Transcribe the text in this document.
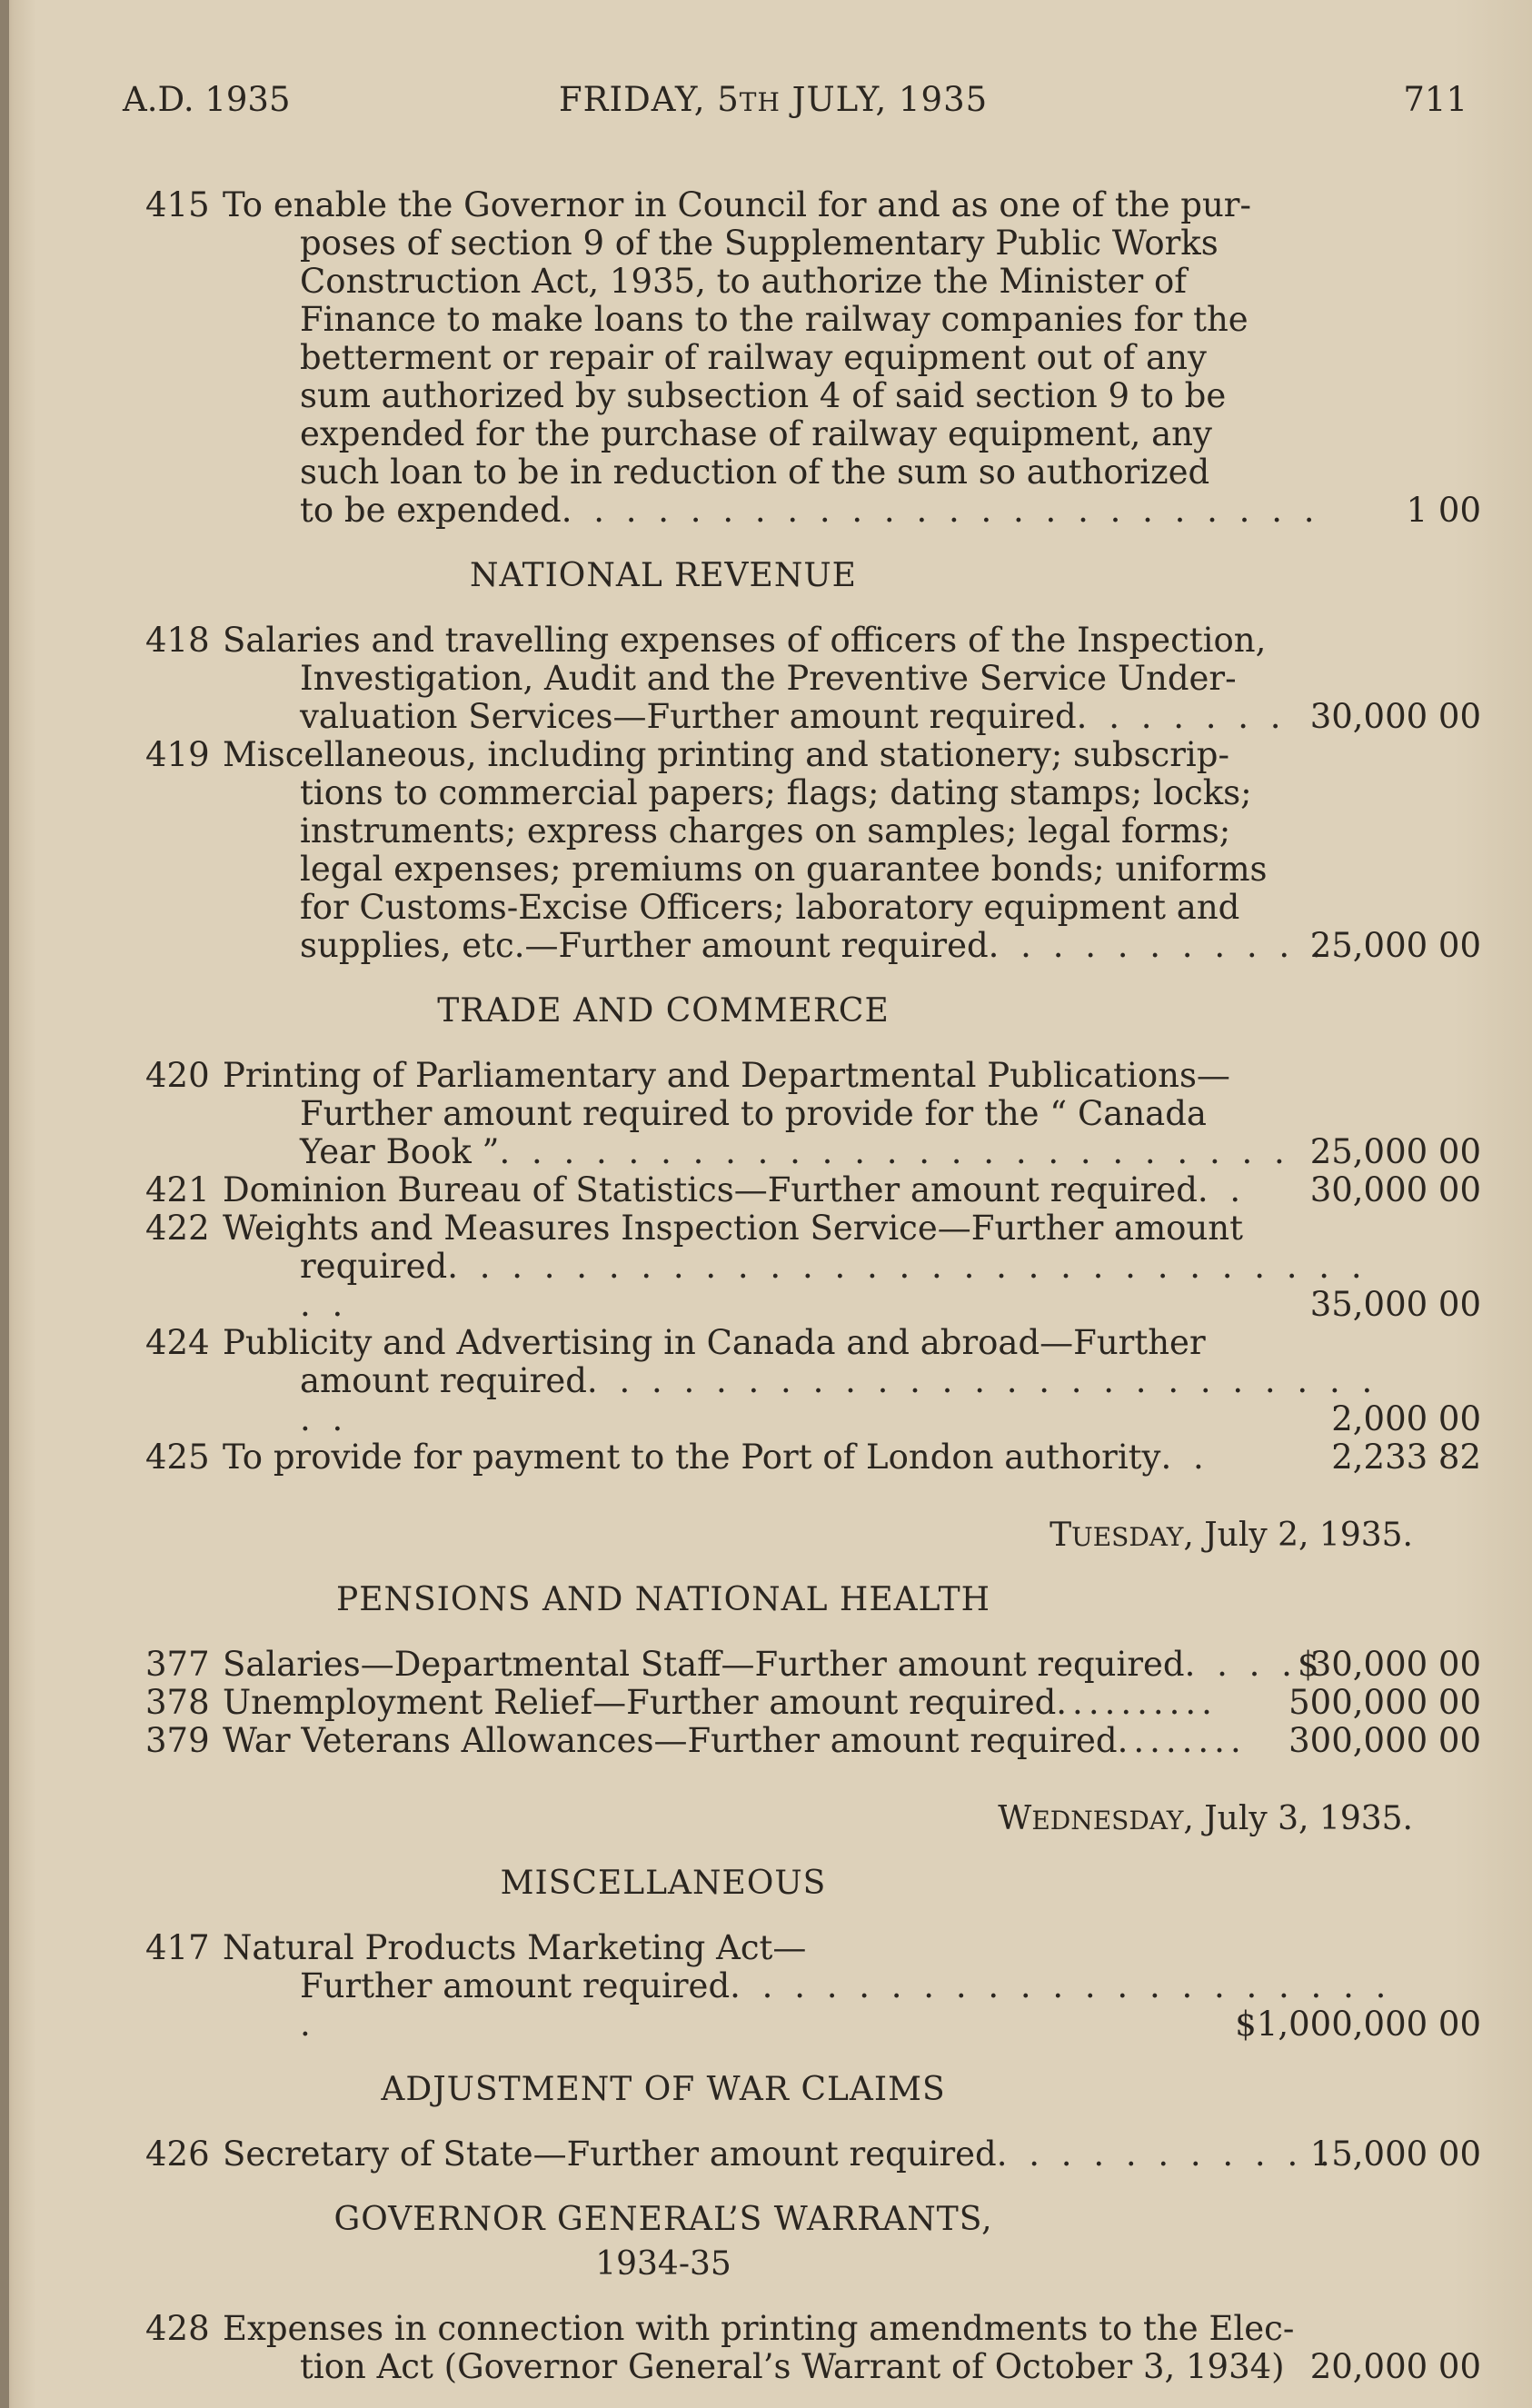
A.D. 1935	FRIDAY, 5TH JULY, 1935	711
415 To enable the Governor in Council for and as one of the pur-
poses of section 9 of the Supplementary Public Works
Construction Act, 1935, to authorize the Minister of
Finance to make loans to the railway companies for the
betterment or repair of railway equipment out of any
sum authorized by subsection 4 of said section 9 to be
expended for the purchase of railway equipment, any
such loan to be in reduction of the sum so authorized
to be expended. . . . . . . . . . . . . . . . . . . . . . . .	1 00
NATIONAL REVENUE
418 Salaries and travelling expenses of officers of the Inspection,
Investigation, Audit and the Preventive Service Under-
valuation Services—Further amount required. . . . . . . 30,000 00
419 Miscellaneous, including printing and stationery; subscrip-
tions to commercial papers; flags; dating stamps; locks;
instruments; express charges on samples; legal forms;
legal expenses; premiums on guarantee bonds; uniforms
for Customs-Excise Officers; laboratory equipment and
supplies, etc.—Further amount required. . . . . . . . . . .
25,000 00
TRADE AND COMMERCE
420 Printing of Parliamentary and Departmental Publications—
Further amount required to provide for the “ Canada
Year Book ”. . . . . . . . . . . . . . . . . . . . . . . . . 25,000 00
421 Dominion Bureau of Statistics—Further amount required. .	30,000 00
422 Weights and Measures Inspection Service—Further amount
required. . . . . . . . . . . . . . . . . . . . . . . . . . . . . . .	35,000 00
424 Publicity and Advertising in Canada and abroad—Further
amount required. . . . . . . . . . . . . . . . . . . . . . . . . . .	2,000 00
425 To provide for payment to the Port of London authority. .	2,233 82
TUESDAY, July 2, 1935.
PENSIONS AND NATIONAL HEALTH
377 Salaries—Departmental Staff—Further amount required. . . .$
30,000 00
378 Unemployment Relief—Further amount required..........	500,000 00
379 War Veterans Allowances—Further amount required........	300,000 00
WEDNESDAY, July 3, 1935.
MISCELLANEOUS
417 Natural Products Marketing Act—
Further amount required. . . . . . . . . . . . . . . . . . . . . .	$1,000,000 00
ADJUSTMENT OF WAR CLAIMS
426 Secretary of State—Further amount required. . . . . . . . . . .
15,000 00
GOVERNOR GENERAL’S WARRANTS,
1934-35
428 Expenses in connection with printing amendments to the Elec-
tion Act (Governor General’s Warrant of October 3, 1934) 20,000 00
